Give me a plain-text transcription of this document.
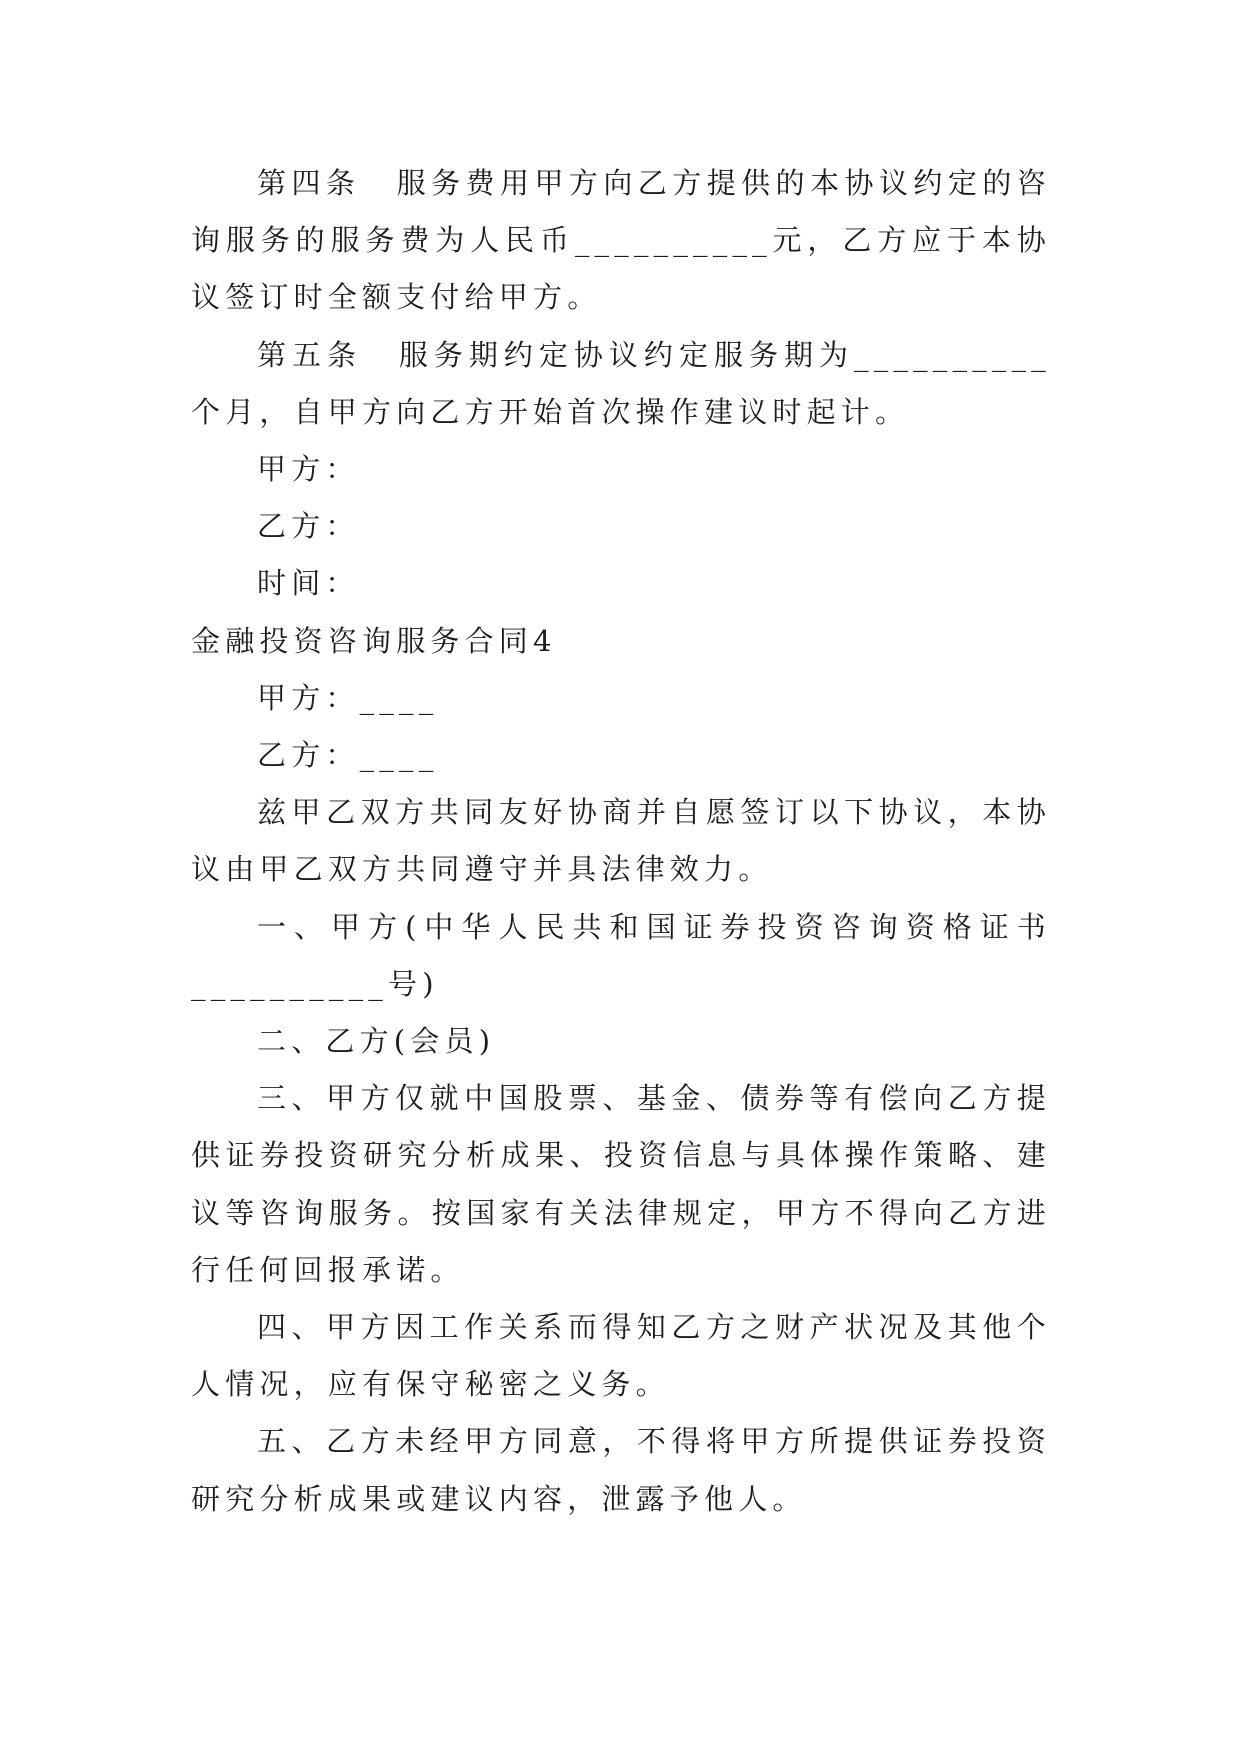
第四条 服务费用甲方向乙方提供的本协议约定的咨询服务的服务费为人民币__________元，乙方应于本协议签订时全额支付给甲方。

第五条 服务期约定协议约定服务期为__________个月，自甲方向乙方开始首次操作建议时起计。

甲方：

乙方：

时间：

金融投资咨询服务合同4

甲方：____

乙方：____

兹甲乙双方共同友好协商并自愿签订以下协议，本协议由甲乙双方共同遵守并具法律效力。

一、甲方(中华人民共和国证券投资咨询资格证书__________号)

二、乙方(会员)

三、甲方仅就中国股票、基金、债券等有偿向乙方提供证券投资研究分析成果、投资信息与具体操作策略、建议等咨询服务。按国家有关法律规定，甲方不得向乙方进行任何回报承诺。

四、甲方因工作关系而得知乙方之财产状况及其他个人情况，应有保守秘密之义务。

五、乙方未经甲方同意，不得将甲方所提供证券投资研究分析成果或建议内容，泄露予他人。
